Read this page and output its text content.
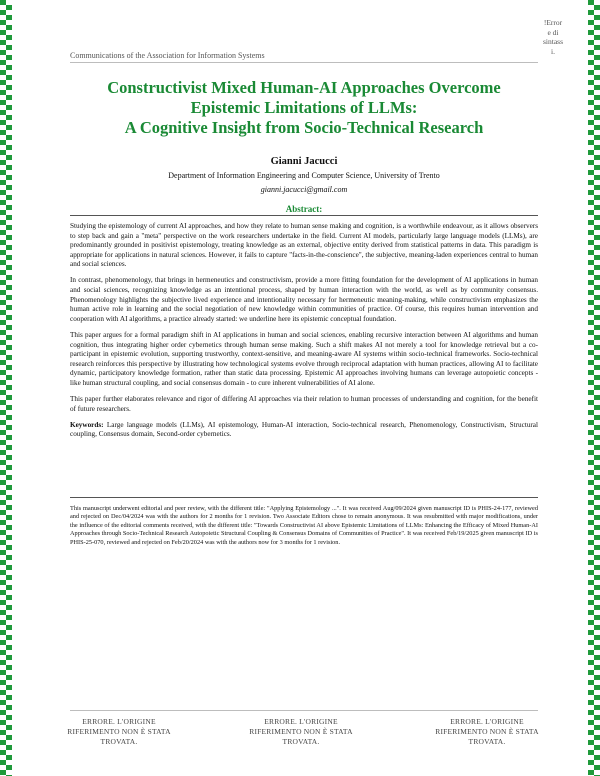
Communications of the Association for Information Systems
!Error
e di
sintass
i.
Constructivist Mixed Human-AI Approaches Overcome
Epistemic Limitations of LLMs:
A Cognitive Insight from Socio-Technical Research
Gianni Jacucci
Department of Information Engineering and Computer Science, University of Trento
gianni.jacucci@gmail.com
Abstract:

Studying the epistemology of current AI approaches, and how they relate to human sense making and cognition, is a worthwhile endeavour, as it allows observers to step back and gain a "meta" perspective on the work researchers undertake in the field. Current AI models, particularly large language models (LLMs), are predominantly grounded in positivist epistemology, treating knowledge as an external, objective entity derived from statistical patterns in data. This paradigm is appropriate for applications in natural sciences. However, it fails to capture "facts-in-the-conscience", the subjective, meaning-laden experiences central to human and social sciences.

In contrast, phenomenology, that brings in hermeneutics and constructivism, provide a more fitting foundation for the development of AI applications in human and social sciences, recognizing knowledge as an intentional process, shaped by human interaction with the world, as well as by community consensus. Phenomenology highlights the subjective lived experience and intentionality necessary for hermeneutic meaning-making, while constructivism emphasizes the human active role in learning and the social negotiation of new knowledge within communities of practice. Of course, this requires human intervention and cooperation with AI algorithms, a practice already started: we underline here its epistemic conceptual foundation.

This paper argues for a formal paradigm shift in AI applications in human and social sciences, enabling recursive interaction between AI algorithms and human cognition, thus integrating higher order cybernetics through human sense making. Such a shift makes AI not merely a tool for knowledge retrieval but a co-participant in epistemic evolution, supporting trustworthy, context-sensitive, and meaning-aware AI systems within socio-technical frameworks. Socio-technical research reinforces this perspective by illustrating how technological systems evolve through reciprocal adaptation with human practices, allowing AI to facilitate dynamic, participatory knowledge formation, rather than static data processing. Epistemic AI approaches involving humans can leverage autopoietic concepts - like human structural coupling, and social consensus domain - to cure inherent vulnerabilities of AI alone.

This paper further elaborates relevance and rigor of differing AI approaches via their relation to human processes of understanding and cognition, for the benefit of future researchers.

Keywords: Large language models (LLMs), AI epistemology, Human-AI interaction, Socio-technical research, Phenomenology, Constructivism, Structural coupling, Consensus domain, Second-order cybernetics.

This manuscript underwent editorial and peer review, with the different title: "Applying Epistemology ...". It was received Aug/09/2024 given manuscript ID is PHIS-24-177, reviewed and rejected on Dec/04/2024 was with the authors for 2 months for 1 revision. Two Associate Editors chose to remain anonymous. It was resubmitted with major modifications, under the influence of the editorial comments received, with the different title: "Towards Constructivist AI above Epistemic Limitations of LLMs: Enhancing the Efficacy of Mixed Human-AI Approaches through Socio-Technical Research Autopoietic Structural Coupling & Consensus Domains of Communities of Practice". It was received Feb/19/2025 given manuscript ID is PHIS-25-070, reviewed and rejected on Feb/20/2024 was with the authors now for 3 months for 1 revision.
ERRORE. L'ORIGINE
RIFERIMENTO NON È STATA
TROVATA.
ERRORE. L'ORIGINE
RIFERIMENTO NON È STATA
TROVATA.
ERRORE. L'ORIGINE
RIFERIMENTO NON È STATA
TROVATA.
